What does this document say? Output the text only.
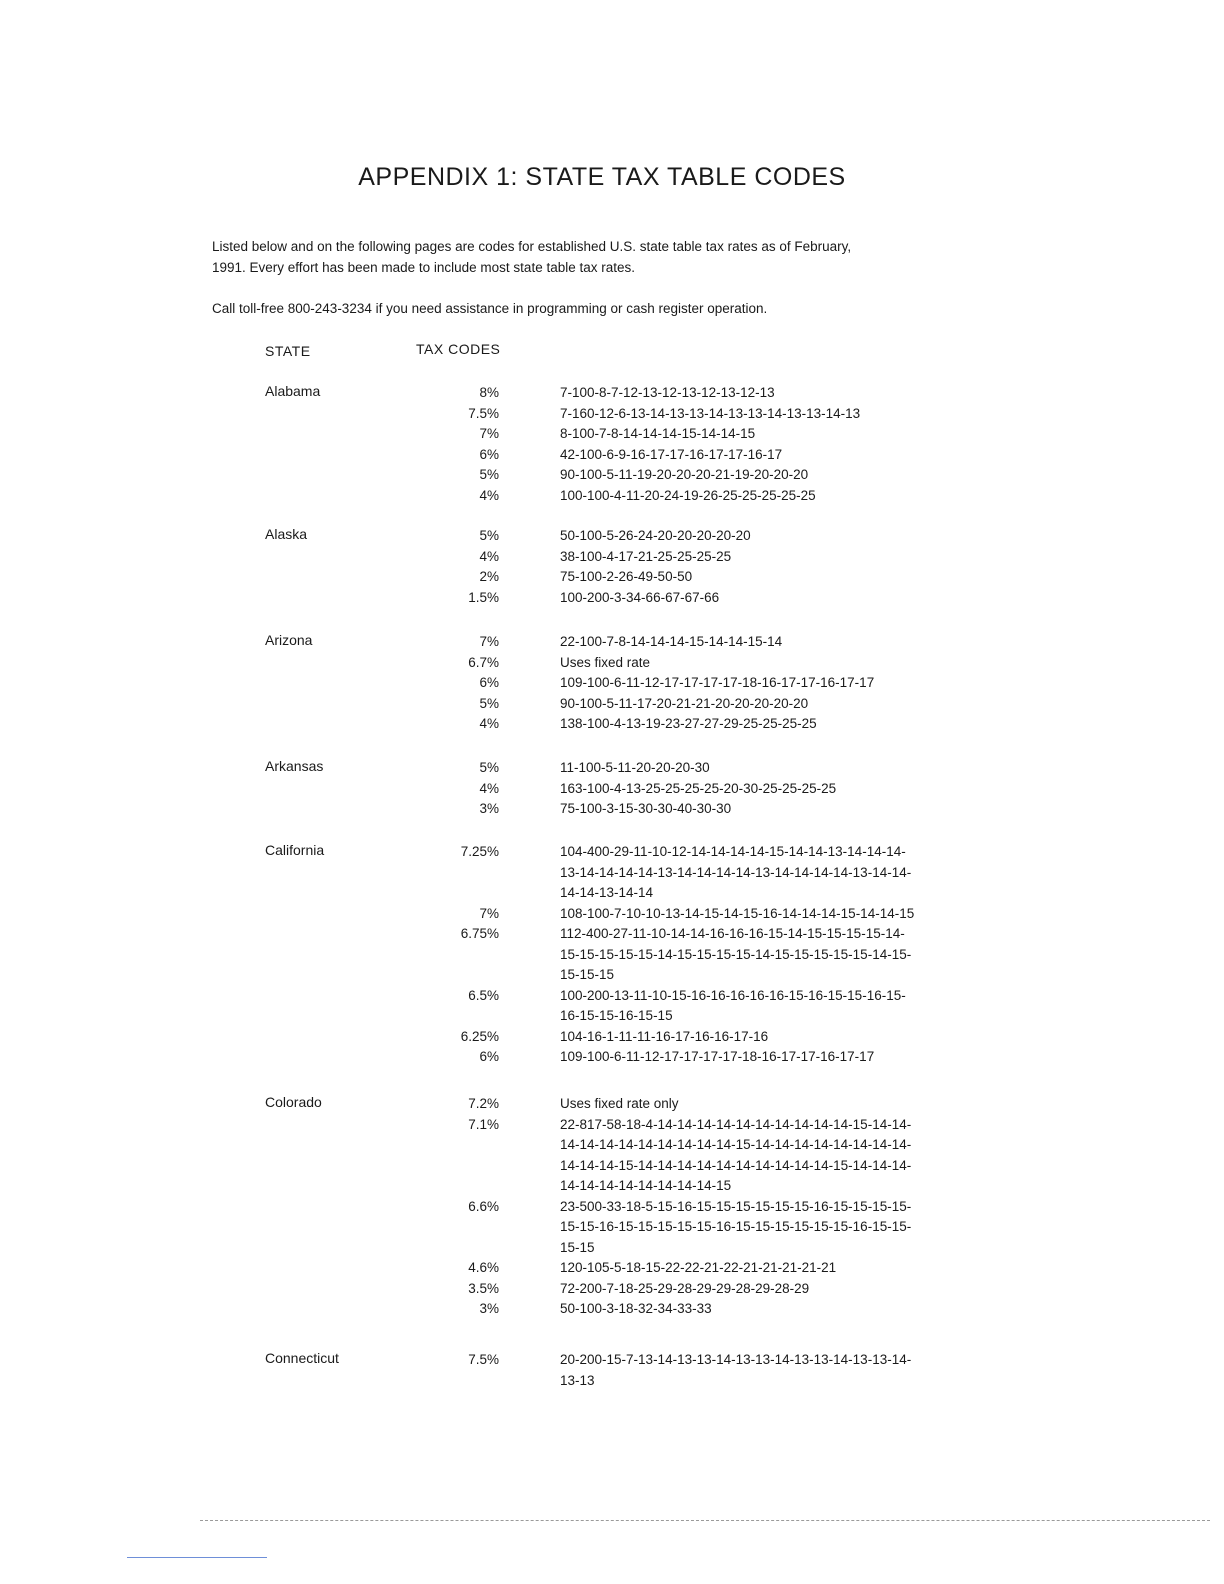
APPENDIX 1: STATE TAX TABLE CODES
Listed below and on the following pages are codes for established U.S. state table tax rates as of February,
1991. Every effort has been made to include most state table tax rates.
Call toll-free 800-243-3234 if you need assistance in programming or cash register operation.
STATE	TAX CODES
Alabama	8%	7-100-8-7-12-13-12-13-12-13-12-13
7.5%	7-160-12-6-13-14-13-13-14-13-13-14-13-13-14-13
7%	8-100-7-8-14-14-14-15-14-14-15
6%	42-100-6-9-16-17-17-16-17-17-16-17
5%	90-100-5-11-19-20-20-20-21-19-20-20-20
4%	100-100-4-11-20-24-19-26-25-25-25-25-25
Alaska	5%	50-100-5-26-24-20-20-20-20-20
4%	38-100-4-17-21-25-25-25-25
2%	75-100-2-26-49-50-50
1.5%	100-200-3-34-66-67-67-66
Arizona	7%	22-100-7-8-14-14-14-15-14-14-15-14
6.7%	Uses fixed rate
6%	109-100-6-11-12-17-17-17-17-18-16-17-17-16-17-17
5%	90-100-5-11-17-20-21-21-20-20-20-20-20
4%	138-100-4-13-19-23-27-27-29-25-25-25-25
Arkansas	5%	11-100-5-11-20-20-20-30
4%	163-100-4-13-25-25-25-25-20-30-25-25-25-25
3%	75-100-3-15-30-30-40-30-30
California	7.25%	104-400-29-11-10-12-14-14-14-14-15-14-14-13-14-14-14-
13-14-14-14-14-13-14-14-14-14-13-14-14-14-14-13-14-14-
14-14-13-14-14
7%	108-100-7-10-10-13-14-15-14-15-16-14-14-14-15-14-14-15
6.75%	112-400-27-11-10-14-14-16-16-16-15-14-15-15-15-15-14-
15-15-15-15-15-14-15-15-15-15-14-15-15-15-15-15-14-15-
15-15-15
6.5%	100-200-13-11-10-15-16-16-16-16-16-15-16-15-15-16-15-
16-15-15-16-15-15
6.25%	104-16-1-11-11-16-17-16-16-17-16
6%	109-100-6-11-12-17-17-17-17-18-16-17-17-16-17-17
Colorado	7.2%	Uses fixed rate only
7.1%	22-817-58-18-4-14-14-14-14-14-14-14-14-14-14-15-14-14-
14-14-14-14-14-14-14-14-14-15-14-14-14-14-14-14-14-14-
14-14-14-15-14-14-14-14-14-14-14-14-14-14-15-14-14-14-
14-14-14-14-14-14-14-14-15
6.6%	23-500-33-18-5-15-16-15-15-15-15-15-15-16-15-15-15-15-
15-15-16-15-15-15-15-15-16-15-15-15-15-15-15-16-15-15-
15-15
4.6%	120-105-5-18-15-22-22-21-22-21-21-21-21-21
3.5%	72-200-7-18-25-29-28-29-29-28-29-28-29
3%	50-100-3-18-32-34-33-33
Connecticut	7.5%	20-200-15-7-13-14-13-13-14-13-13-14-13-13-14-13-13-14-
13-13
